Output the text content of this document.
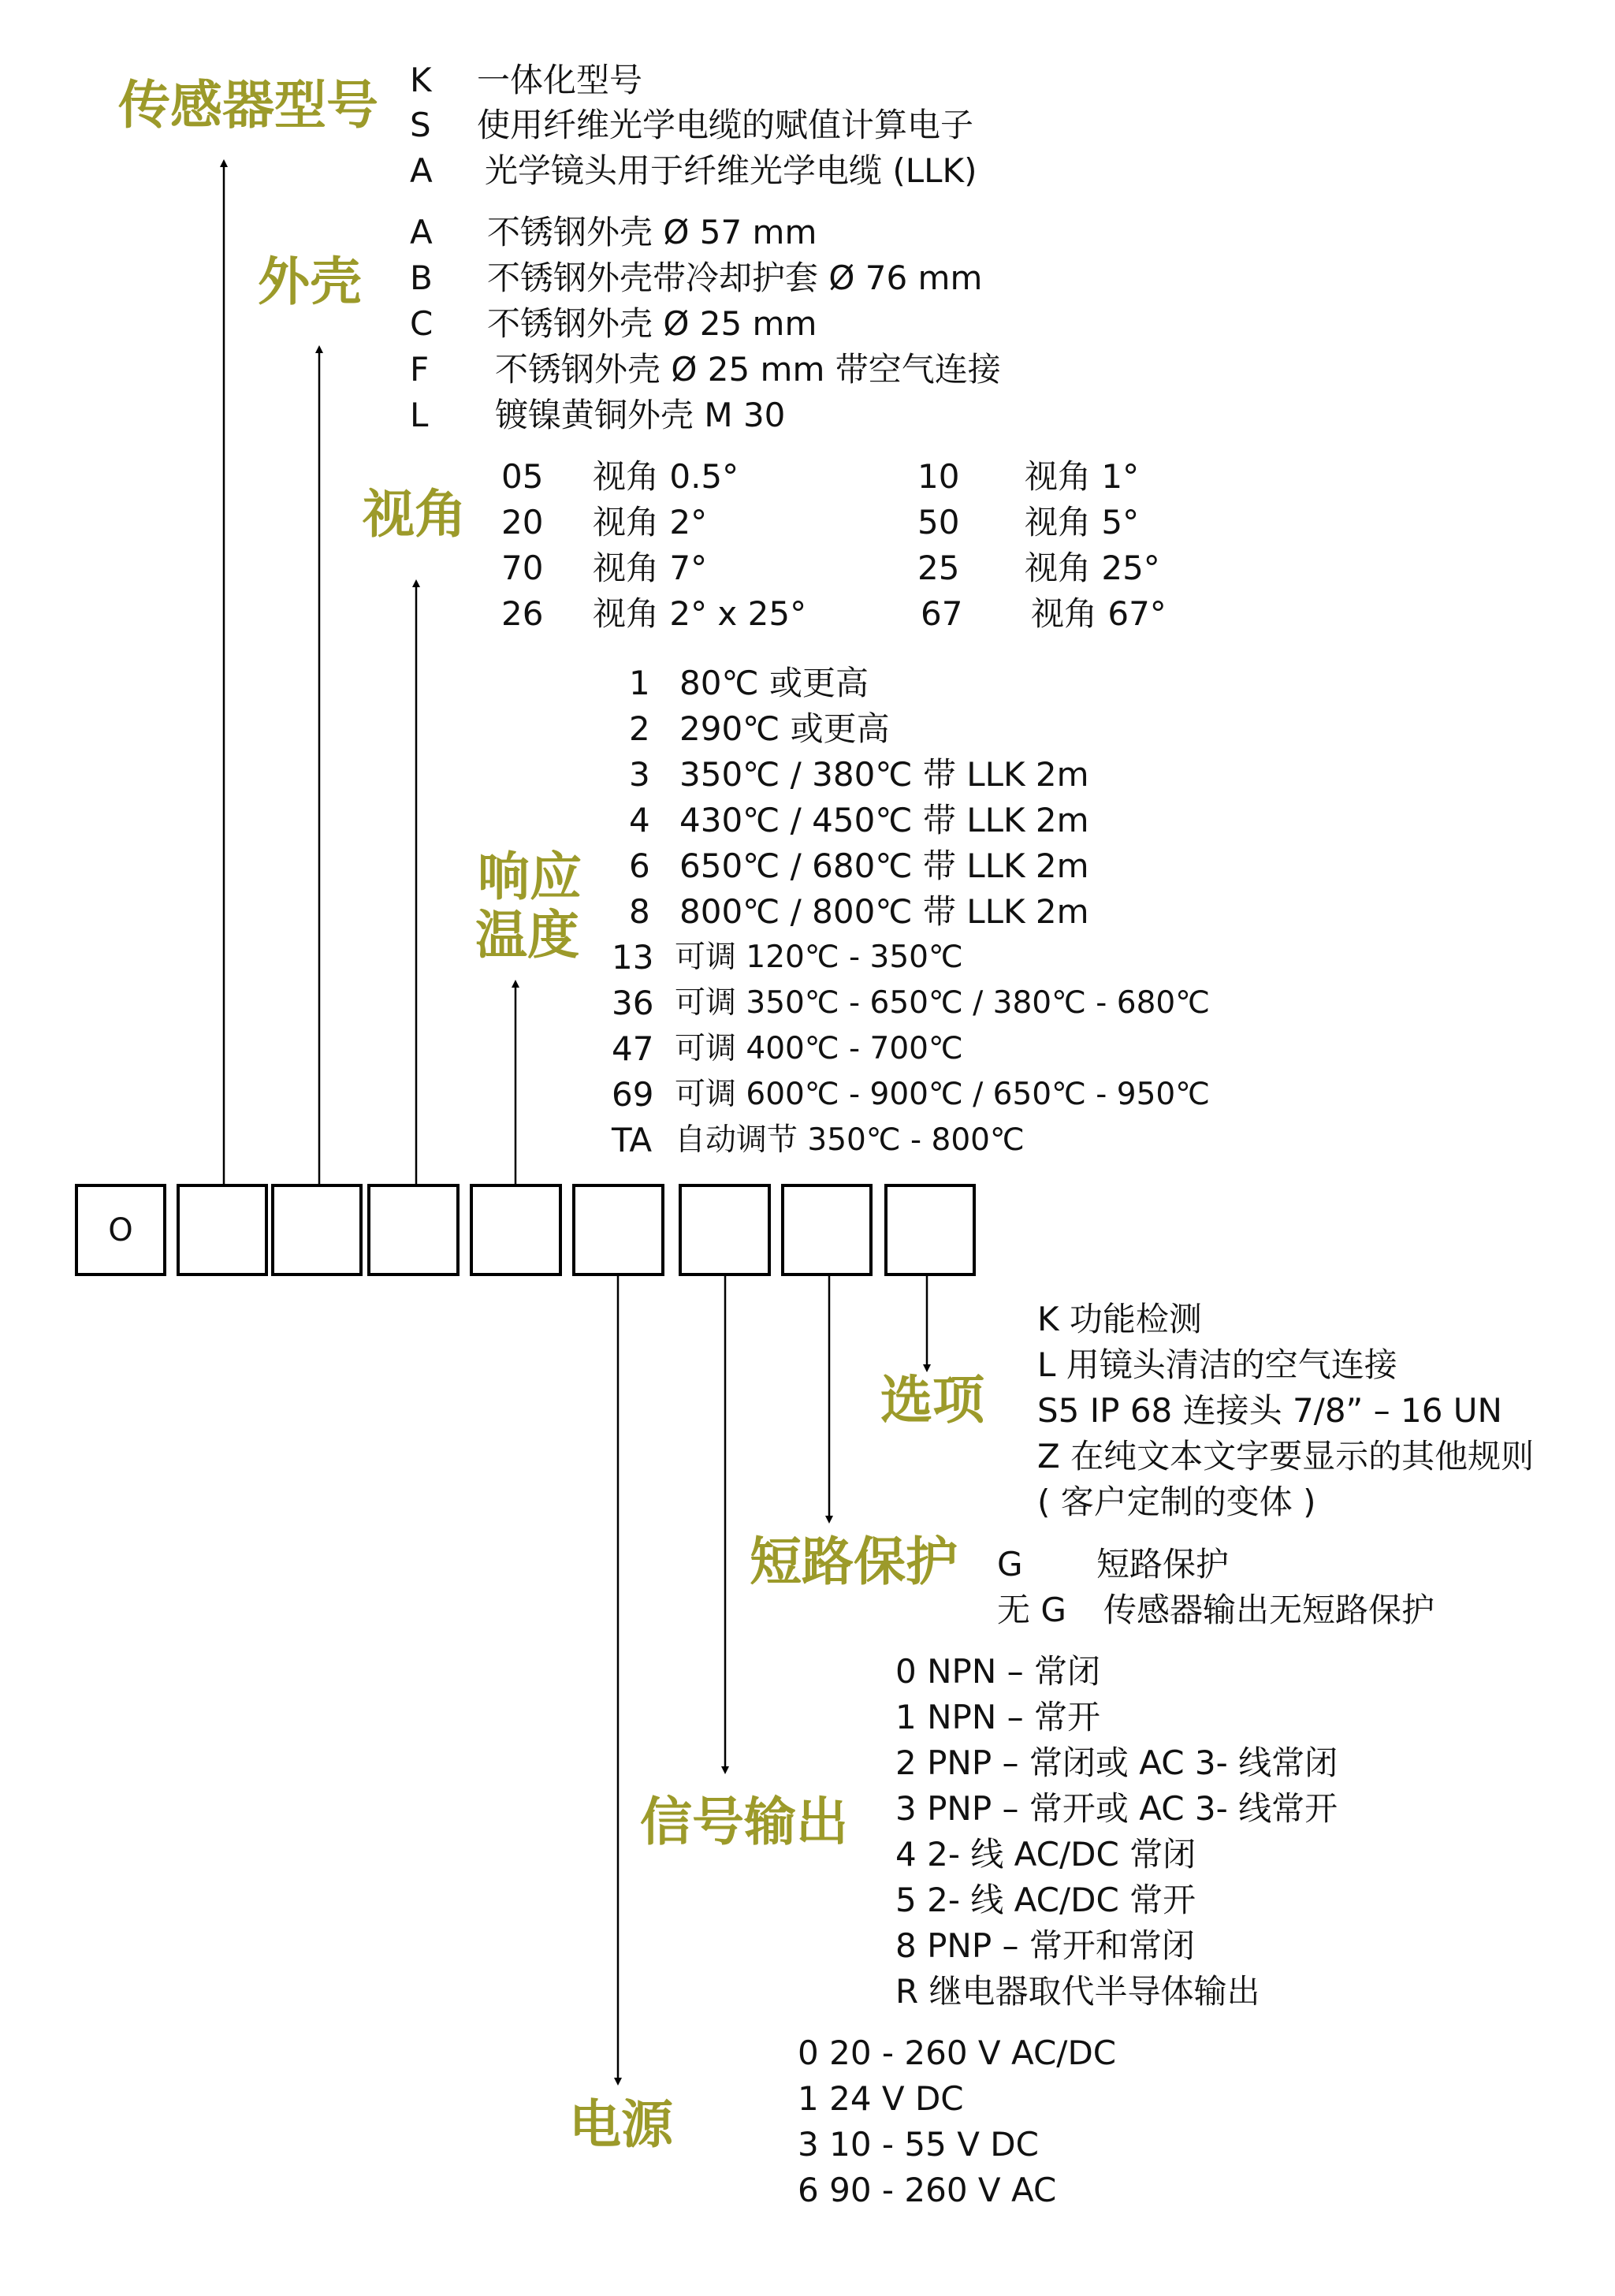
O
传感器型号 K 一体化型号
S 使用纤维光学电缆的赋值计算电子
A 光学镜头用于纤维光学电缆 (LLK)
外壳
A 不锈钢外壳 Ø 57 mm
B 不锈钢外壳带冷却护套 Ø 76 mm
C 不锈钢外壳 Ø 25 mm
F 不锈钢外壳 Ø 25 mm 带空气连接
L 镀镍黄铜外壳 M 30
视角
05 视角 0.5°	10 视角 1°
20 视角 2°	50 视角 5°
70 视角 7°	25 视角 25°
26 视角 2° x 25°	67 视角 67°
响应
温度
1 80℃ 或更高
2 290℃ 或更高
3 350℃ / 380℃ 带 LLK 2m
4 430℃ / 450℃ 带 LLK 2m
6 650℃ / 680℃ 带 LLK 2m
8 800℃ / 800℃ 带 LLK 2m
13 可调 120℃ - 350℃
36 可调 350℃ - 650℃ / 380℃ - 680℃
47 可调 400℃ - 700℃
69 可调 600℃ - 900℃ / 650℃ - 950℃
TA 自动调节 350℃ - 800℃
选项
K 功能检测
L 用镜头清洁的空气连接
S5 IP 68 连接头 7/8” – 16 UN
Z 在纯文本文字要显示的其他规则
( 客户定制的变体 )
短路保护 G 短路保护
无 G 传感器输出无短路保护
信号输出
0 NPN – 常闭
1 NPN – 常开
2 PNP – 常闭或 AC 3- 线常闭
3 PNP – 常开或 AC 3- 线常开
4 2- 线 AC/DC 常闭
5 2- 线 AC/DC 常开
8 PNP – 常开和常闭
R 继电器取代半导体输出
电源
0 20 - 260 V AC/DC
1 24 V DC
3 10 - 55 V DC
6 90 - 260 V AC
